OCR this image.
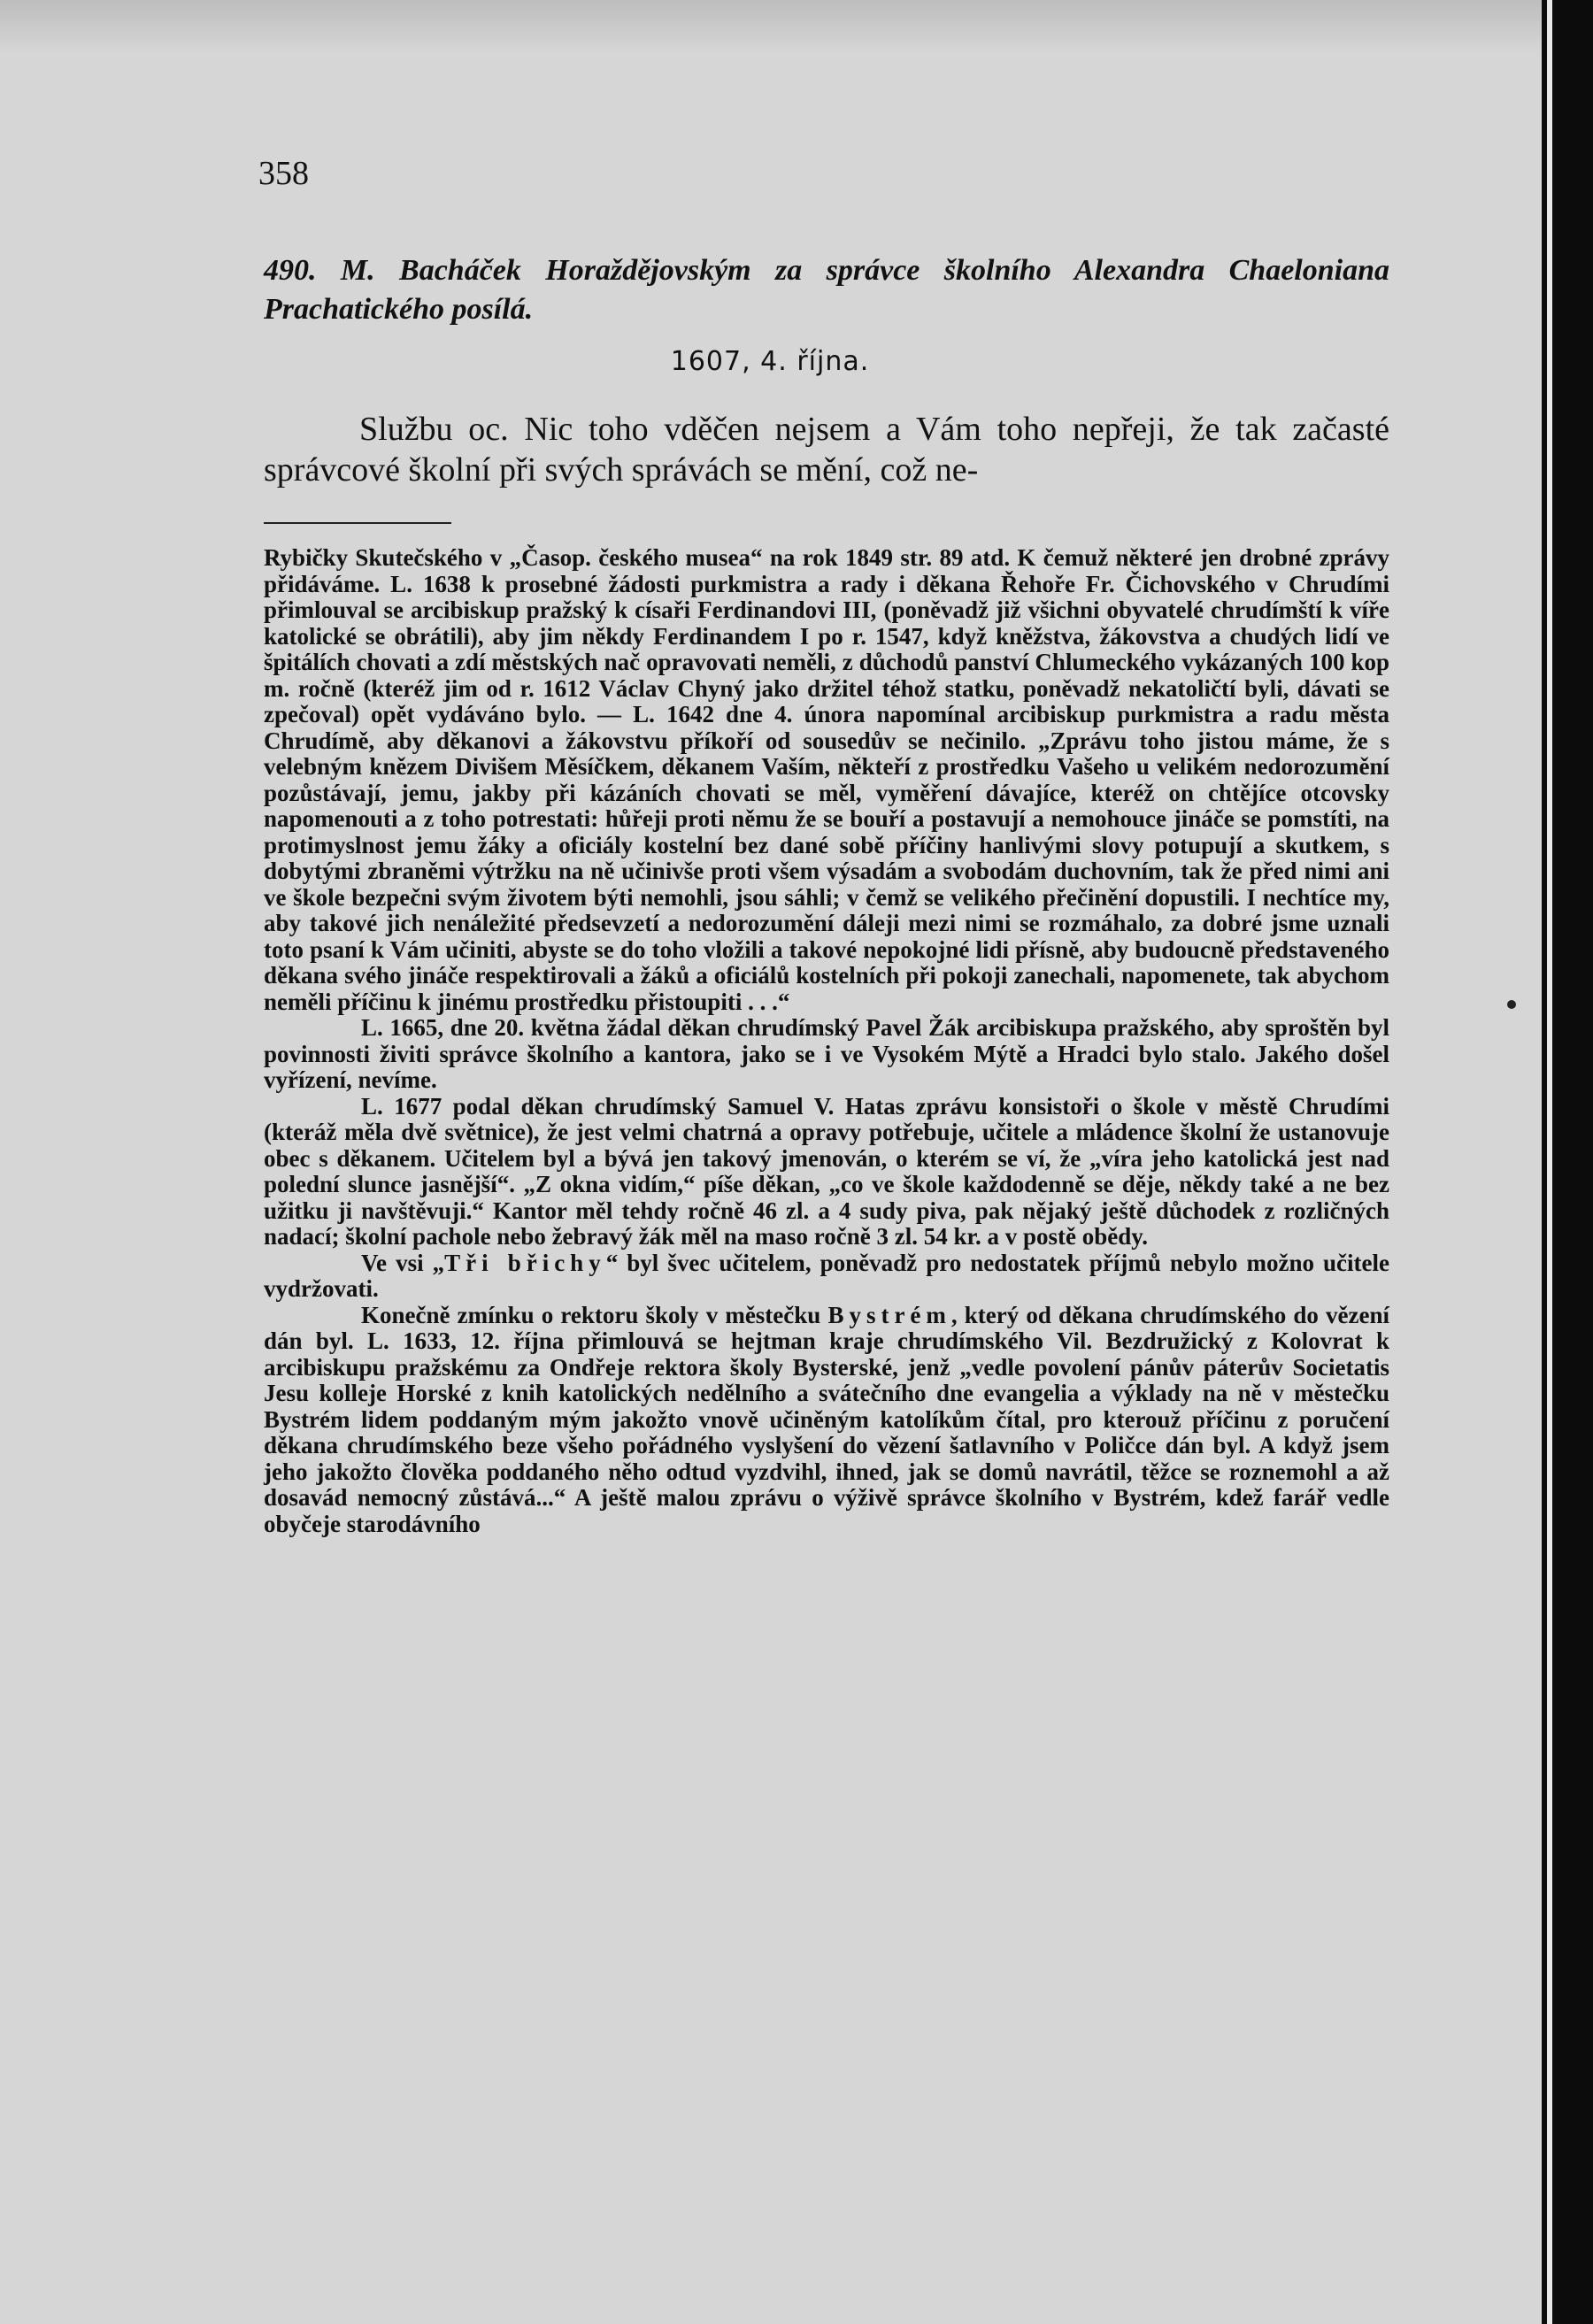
358
490. M. Bacháček Horaždějovským za správce školního Alexandra Chaeloniana Prachatického posílá.
1607, 4. října.
Službu oc. Nic toho vděčen nejsem a Vám toho nepřeji, že tak začasté správcové školní při svých správách se mění, což ne-

Rybičky Skutečského v „Časop. českého musea“ na rok 1849 str. 89 atd. K čemuž některé jen drobné zprávy přidáváme. L. 1638 k prosebné žádosti purkmistra a rady i děkana Řehoře Fr. Čichovského v Chrudími přimlouval se arcibiskup pražský k císaři Ferdinandovi III, (poněvadž již všichni obyvatelé chrudímští k víře katolické se obrátili), aby jim někdy Ferdinandem I po r. 1547, když kněžstva, žákovstva a chudých lidí ve špitálích chovati a zdí městských nač opravovati neměli, z důchodů panství Chlumeckého vykázaných 100 kop m. ročně (kteréž jim od r. 1612 Václav Chyný jako držitel téhož statku, poněvadž nekatoličtí byli, dávati se zpečoval) opět vydáváno bylo. — L. 1642 dne 4. února napomínal arcibiskup purkmistra a radu města Chrudímě, aby děkanovi a žákovstvu příkoří od sousedův se nečinilo. „Zprávu toho jistou máme, že s velebným knězem Divišem Měsíčkem, děkanem Vaším, někteří z prostředku Vašeho u velikém nedorozumění pozůstávají, jemu, jakby při kázáních chovati se měl, vyměření dávajíce, kteréž on chtějíce otcovsky napomenouti a z toho potrestati: hůřeji proti němu že se bouří a postavují a nemohouce jináče se pomstíti, na protimyslnost jemu žáky a oficiály kostelní bez dané sobě příčiny hanlivými slovy potupují a skutkem, s dobytými zbraněmi výtržku na ně učinivše proti všem výsadám a svobodám duchovním, tak že před nimi ani ve škole bezpečni svým životem býti nemohli, jsou sáhli; v čemž se velikého přečinění dopustili. I nechtíce my, aby takové jich nenáležité předsevzetí a nedorozumění dáleji mezi nimi se rozmáhalo, za dobré jsme uznali toto psaní k Vám učiniti, abyste se do toho vložili a takové nepokojné lidi přísně, aby budoucně představeného děkana svého jináče respektirovali a žáků a oficiálů kostelních při pokoji zanechali, napomenete, tak abychom neměli příčinu k jinému prostředku přistoupiti . . .“

L. 1665, dne 20. května žádal děkan chrudímský Pavel Žák arcibiskupa pražského, aby sproštěn byl povinnosti živiti správce školního a kantora, jako se i ve Vysokém Mýtě a Hradci bylo stalo. Jakého došel vyřízení, nevíme.

L. 1677 podal děkan chrudímský Samuel V. Hatas zprávu konsistoři o škole v městě Chrudími (kteráž měla dvě světnice), že jest velmi chatrná a opravy potřebuje, učitele a mládence školní že ustanovuje obec s děkanem. Učitelem byl a bývá jen takový jmenován, o kterém se ví, že „víra jeho katolická jest nad polední slunce jasnější“. „Z okna vidím,“ píše děkan, „co ve škole každodenně se děje, někdy také a ne bez užitku ji navštěvuji.“ Kantor měl tehdy ročně 46 zl. a 4 sudy piva, pak nějaký ještě důchodek z rozličných nadací; školní pachole nebo žebravý žák měl na maso ročně 3 zl. 54 kr. a v postě obědy.

Ve vsi „Tři břichy“ byl švec učitelem, poněvadž pro nedostatek příjmů nebylo možno učitele vydržovati.

Konečně zmínku o rektoru školy v městečku Bystrém, který od děkana chrudímského do vězení dán byl. L. 1633, 12. října přimlouvá se hejtman kraje chrudímského Vil. Bezdružický z Kolovrat k arcibiskupu pražskému za Ondřeje rektora školy Bysterské, jenž „vedle povolení pánův páterův Societatis Jesu kolleje Horské z knih katolických nedělního a svátečního dne evangelia a výklady na ně v městečku Bystrém lidem poddaným mým jakožto vnově učiněným katolíkům čítal, pro kterouž příčinu z poručení děkana chrudímského beze všeho pořádného vyslyšení do vězení šatlavního v Poličce dán byl. A když jsem jeho jakožto člověka poddaného něho odtud vyzdvihl, ihned, jak se domů navrátil, těžce se roznemohl a až dosavád nemocný zůstává...“ A ještě malou zprávu o výživě správce školního v Bystrém, kdež farář vedle obyčeje starodávního
